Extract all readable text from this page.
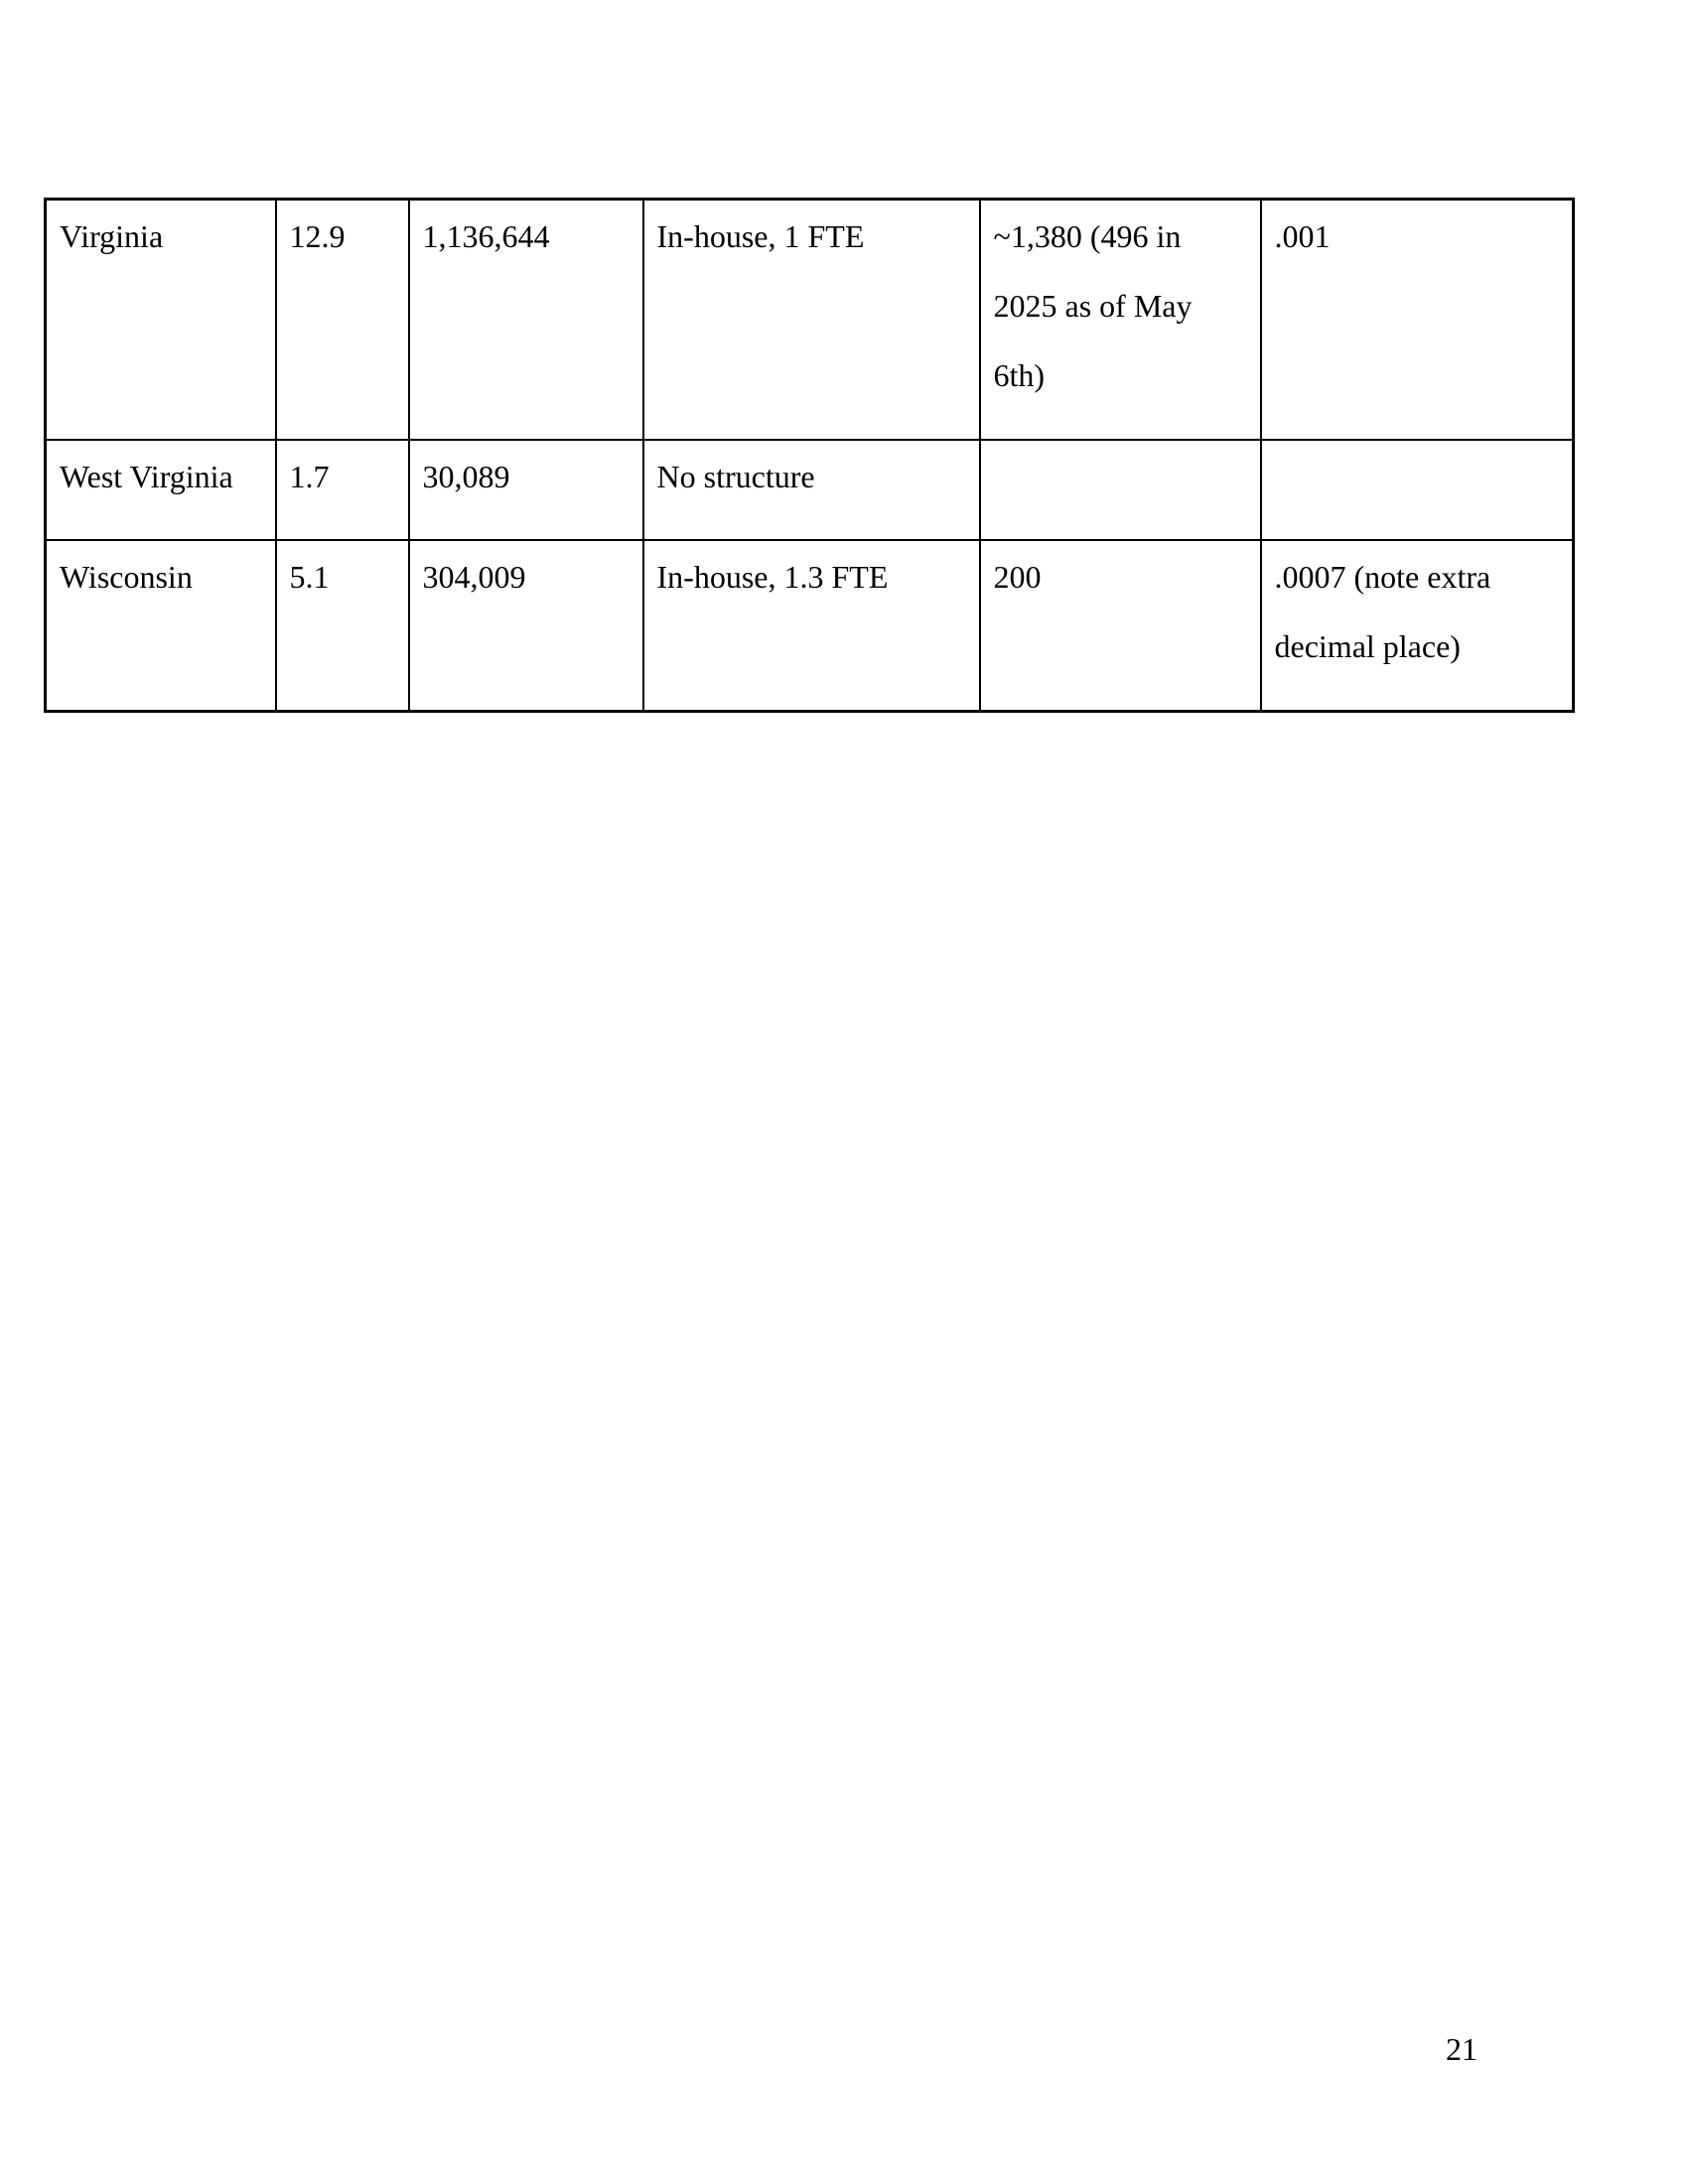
Virginia	12.9	1,136,644	In-house, 1 FTE	~1,380 (496 in 2025 as of May 6th)	.001

West Virginia	1.7	30,089	No structure		

Wisconsin	5.1	304,009	In-house, 1.3 FTE	200	.0007 (note extra decimal place)
21
